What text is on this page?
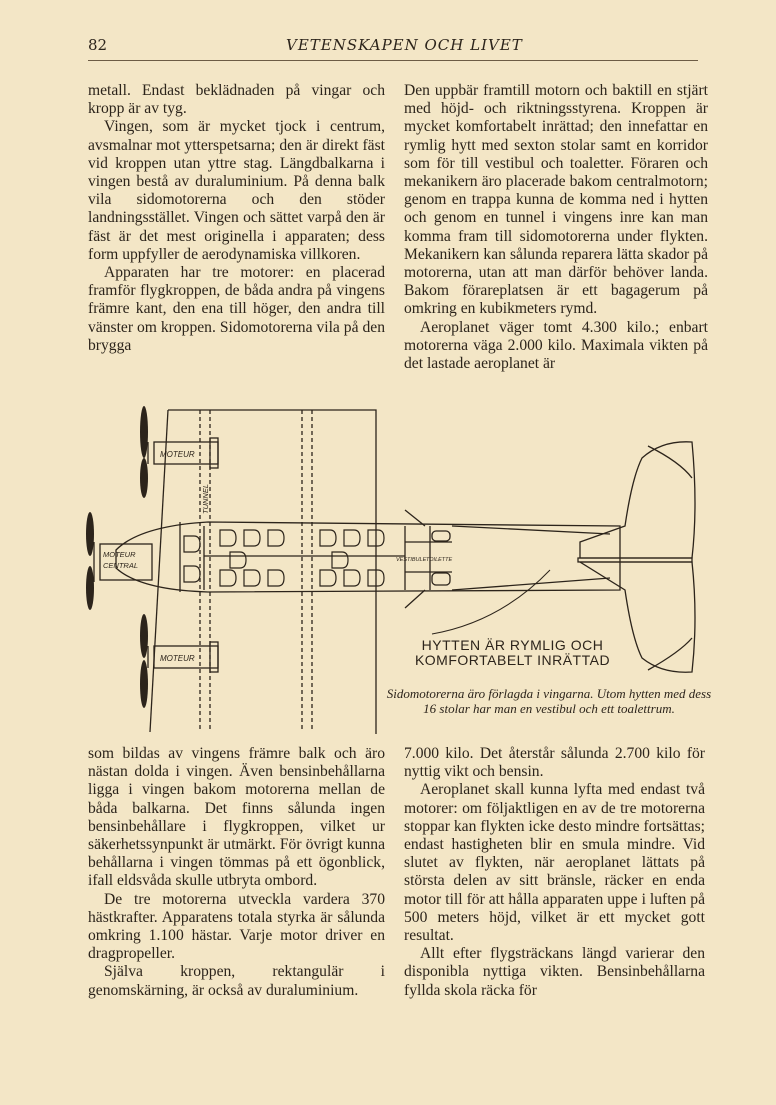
82	VETENSKAPEN OCH LIVET

metall. Endast beklädnaden på vingar och kropp är av tyg.

Vingen, som är mycket tjock i centrum, avsmalnar mot ytterspetsarna; den är direkt fäst vid kroppen utan yttre stag. Längdbalkarna i vingen bestå av duraluminium. På denna balk vila sidomotorerna och den stöder landningsstället. Vingen och sättet varpå den är fäst är det mest originella i apparaten; dess form uppfyller de aerodynamiska villkoren.

Apparaten har tre motorer: en placerad framför flygkroppen, de båda andra på vingens främre kant, den ena till höger, den andra till vänster om kroppen. Sidomotorerna vila på den brygga

Den uppbär framtill motorn och baktill en stjärt med höjd- och riktningsstyrena. Kroppen är mycket komfortabelt inrättad; den innefattar en rymlig hytt med sexton stolar samt en korridor som för till vestibul och toaletter. Föraren och mekanikern äro placerade bakom centralmotorn; genom en trappa kunna de komma ned i hytten och genom en tunnel i vingens inre kan man komma fram till sidomotorerna under flykten. Mekanikern kan sålunda reparera lätta skador på motorerna, utan att man därför behöver landa. Bakom förareplatsen är ett bagagerum på omkring en kubikmeters rymd.

Aeroplanet väger tomt 4.300 kilo.; enbart motorerna väga 2.000 kilo. Maximala vikten på det lastade aeroplanet är

MOTEUR
MOTEUR
CENTRAL
MOTEUR
TUNNEL
VESTIBULE TOILETTE
HYTTEN ÄR RYMLIG OCH KOMFORTABELT INRÄTTAD
Sidomotorerna äro förlagda i vingarna. Utom hytten med dess 16 stolar har man en vestibul och ett toalettrum.

som bildas av vingens främre balk och äro nästan dolda i vingen. Även bensinbehållarna ligga i vingen bakom motorerna mellan de båda balkarna. Det finns sålunda ingen bensinbehållare i flygkroppen, vilket ur säkerhetssynpunkt är utmärkt. För övrigt kunna behållarna i vingen tömmas på ett ögonblick, ifall eldsvåda skulle utbryta ombord.

De tre motorerna utveckla vardera 370 hästkrafter. Apparatens totala styrka är sålunda omkring 1.100 hästar. Varje motor driver en dragpropeller.

Själva kroppen, rektangulär i genomskärning, är också av duraluminium.

7.000 kilo. Det återstår sålunda 2.700 kilo för nyttig vikt och bensin.

Aeroplanet skall kunna lyfta med endast två motorer: om följaktligen en av de tre motorerna stoppar kan flykten icke desto mindre fortsättas; endast hastigheten blir en smula mindre. Vid slutet av flykten, när aeroplanet lättats på största delen av sitt bränsle, räcker en enda motor till för att hålla apparaten uppe i luften på 500 meters höjd, vilket är ett mycket gott resultat.

Allt efter flygsträckans längd varierar den disponibla nyttiga vikten. Bensinbehållarna fyllda skola räcka för
